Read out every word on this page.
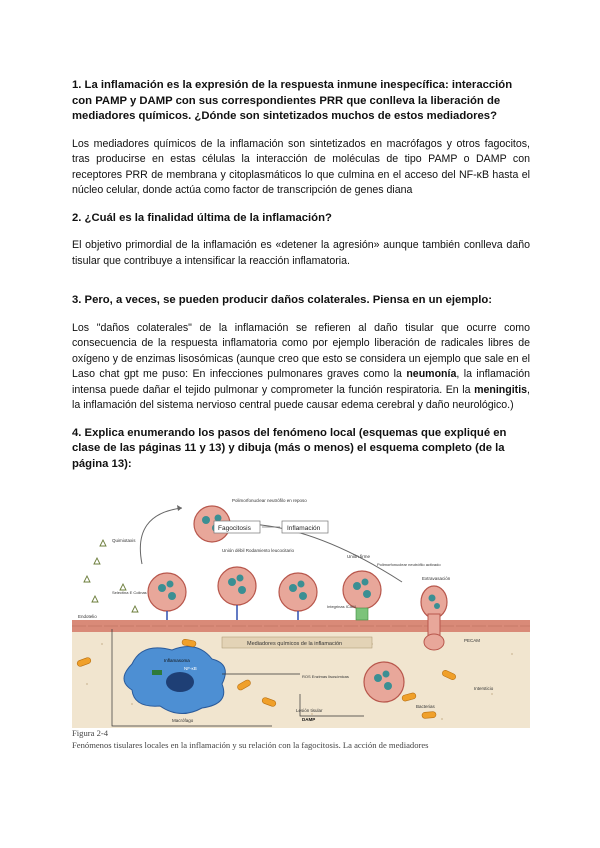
1. La inflamación es la expresión de la respuesta inmune inespecífica: interacción con PAMP y DAMP con sus correspondientes PRR que conlleva la liberación de mediadores químicos. ¿Dónde son sintetizados muchos de estos mediadores?

Los mediadores químicos de la inflamación son sintetizados en macrófagos y otros fagocitos, tras producirse en estas células la interacción de moléculas de tipo PAMP o DAMP con receptores PRR de membrana y citoplasmáticos lo que culmina en el acceso del NF-κB hasta el núcleo celular, donde actúa como factor de transcripción de genes diana

2. ¿Cuál es la finalidad última de la inflamación?

El objetivo primordial de la inflamación es «detener la agresión» aunque también conlleva daño tisular que contribuye a intensificar la reacción inflamatoria.

3. Pero, a veces, se pueden producir daños colaterales. Piensa en un ejemplo:

Los "daños colaterales" de la inflamación se refieren al daño tisular que ocurre como consecuencia de la respuesta inflamatoria como por ejemplo liberación de radicales libres de oxígeno y de enzimas lisosómicas (aunque creo que esto se considera un ejemplo que sale en el Laso chat gpt me puso: En infecciones pulmonares graves como la neumonía, la inflamación intensa puede dañar el tejido pulmonar y comprometer la función respiratoria. En la meningitis, la inflamación del sistema nervioso central puede causar edema cerebral y daño neurológico.)

4. Explica enumerando los pasos del fenómeno local (esquemas que expliqué en clase de las páginas 11 y 13) y dibuja (más o menos) el esquema completo (de la página 13):

Endotelio
Polimorfonuclear neutrófilo en reposo
Fagocitosis	Inflamación
Quimiotaxis
Selectina E Colinas
Unión débil Rodamiento leucocitario
Unión firme
Polimorfonuclear neutrófilo activado
Integrinas ICAM
Extravasación
PECAM
Mediadores químicos de la inflamación
Inflamasoma
NF-κB
Macrófago
Bacterias
Intersticio
ROS Enzimas lisosómicas
Lesión tisular
DAMP
Figura 2-4
Fenómenos tisulares locales en la inflamación y su relación con la fagocitosis. La acción de mediadores
